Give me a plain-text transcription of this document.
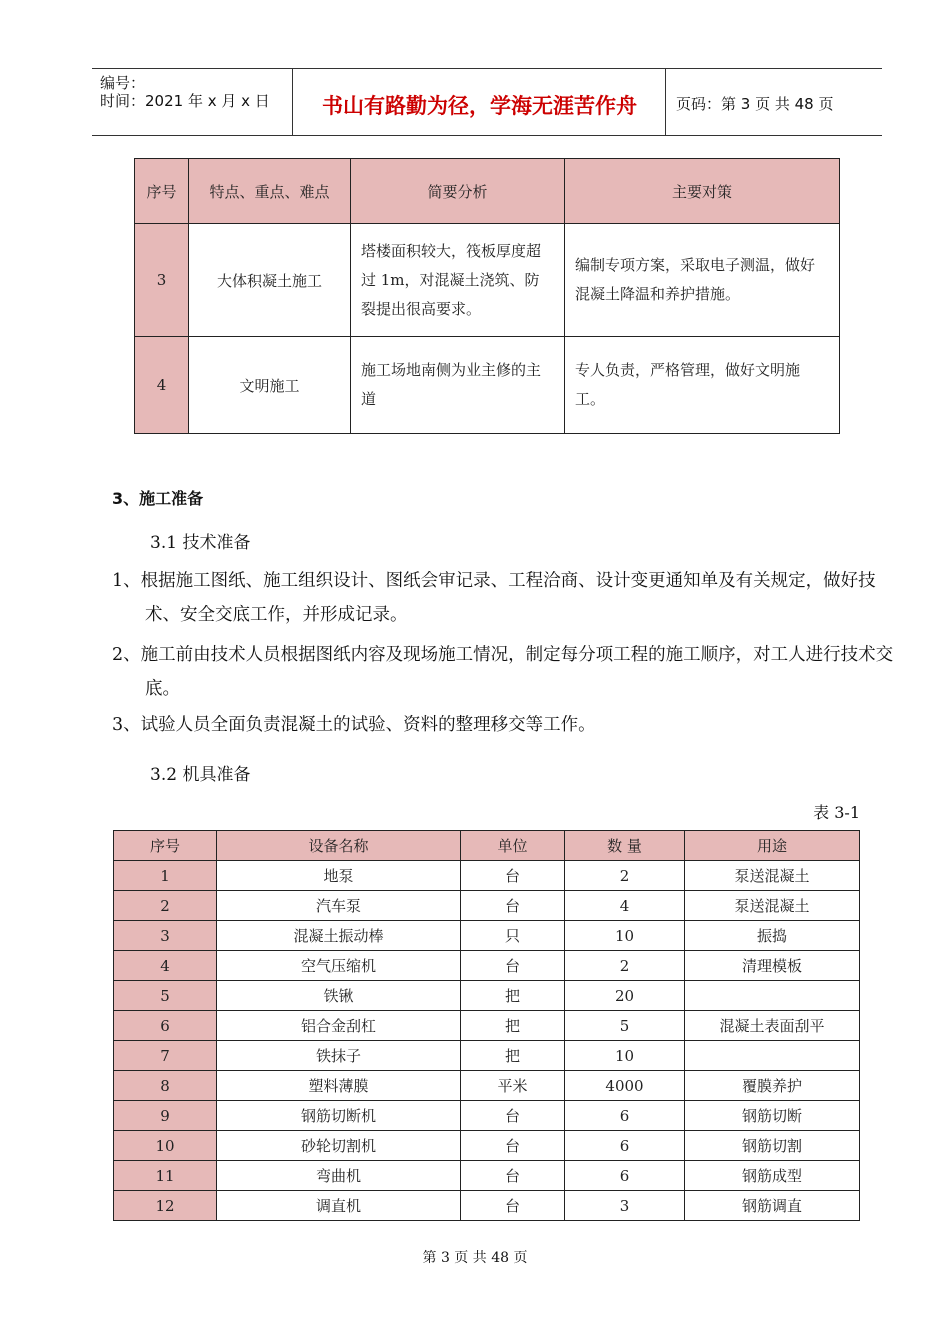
编号：
时间：2021 年 x 月 x 日	书山有路勤为径，学海无涯苦作舟	页码：第 3 页 共 48 页
序号	特点、重点、难点	简要分析	主要对策
3	大体积凝土施工	塔楼面积较大，筏板厚度超过 1m，对混凝土浇筑、防裂提出很高要求。	编制专项方案，采取电子测温，做好混凝土降温和养护措施。
4	文明施工	施工场地南侧为业主修的主道	专人负责，严格管理，做好文明施工。
3、施工准备
3.1 技术准备
1、根据施工图纸、施工组织设计、图纸会审记录、工程洽商、设计变更通知单及有关规定，做好技术、安全交底工作，并形成记录。
2、施工前由技术人员根据图纸内容及现场施工情况，制定每分项工程的施工顺序，对工人进行技术交底。
3、试验人员全面负责混凝土的试验、资料的整理移交等工作。
3.2 机具准备
表 3-1
序号	设备名称	单位	数 量	用途
1	地泵	台	2	泵送混凝土
2	汽车泵	台	4	泵送混凝土
3	混凝土振动棒	只	10	振捣
4	空气压缩机	台	2	清理模板
5	铁锹	把	20	
6	铝合金刮杠	把	5	混凝土表面刮平
7	铁抹子	把	10	
8	塑料薄膜	平米	4000	覆膜养护
9	钢筋切断机	台	6	钢筋切断
10	砂轮切割机	台	6	钢筋切割
11	弯曲机	台	6	钢筋成型
12	调直机	台	3	钢筋调直
第 3 页 共 48 页
